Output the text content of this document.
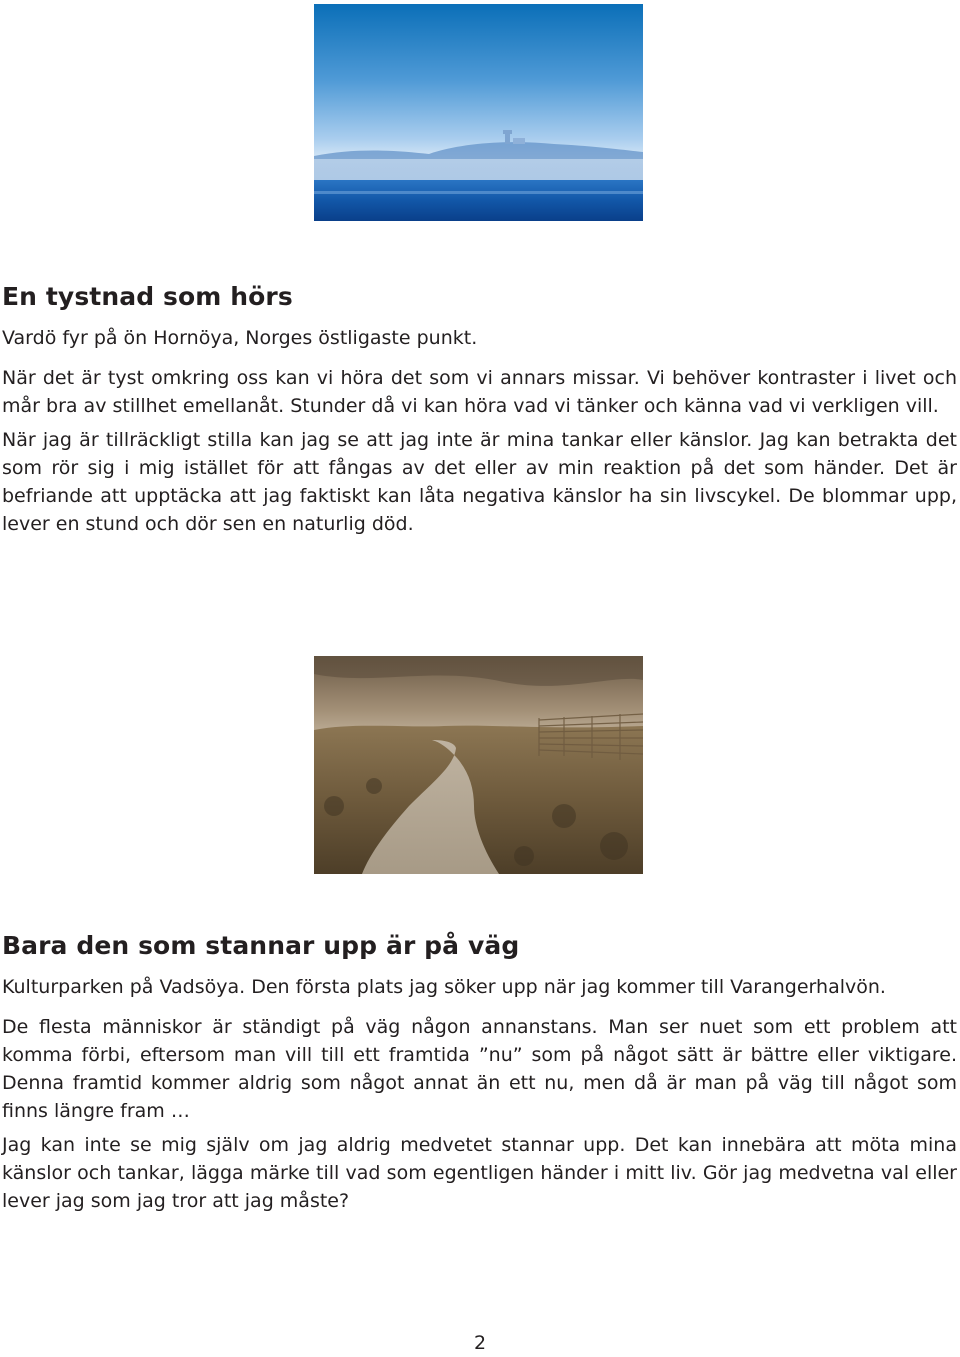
En tystnad som hörs

Vardö fyr på ön Hornöya, Norges östligaste punkt.

När det är tyst omkring oss kan vi höra det som vi annars missar. Vi behöver kontraster i livet och mår bra av stillhet emellanåt. Stunder då vi kan höra vad vi tänker och känna vad vi verkligen vill.

När jag är tillräckligt stilla kan jag se att jag inte är mina tankar eller känslor. Jag kan betrakta det som rör sig i mig istället för att fångas av det eller av min reaktion på det som händer. Det är befriande att upptäcka att jag faktiskt kan låta negativa känslor ha sin livscykel. De blommar upp, lever en stund och dör sen en naturlig död.

Bara den som stannar upp är på väg

Kulturparken på Vadsöya. Den första plats jag söker upp när jag kommer till Varangerhalvön.

De flesta människor är ständigt på väg någon annanstans. Man ser nuet som ett problem att komma förbi, eftersom man vill till ett framtida ”nu” som på något sätt är bättre eller viktigare. Denna framtid kommer aldrig som något annat än ett nu, men då är man på väg till något som finns längre fram …

Jag kan inte se mig själv om jag aldrig medvetet stannar upp. Det kan innebära att möta mina känslor och tankar, lägga märke till vad som egentligen händer i mitt liv. Gör jag medvetna val eller lever jag som jag tror att jag måste?

2
